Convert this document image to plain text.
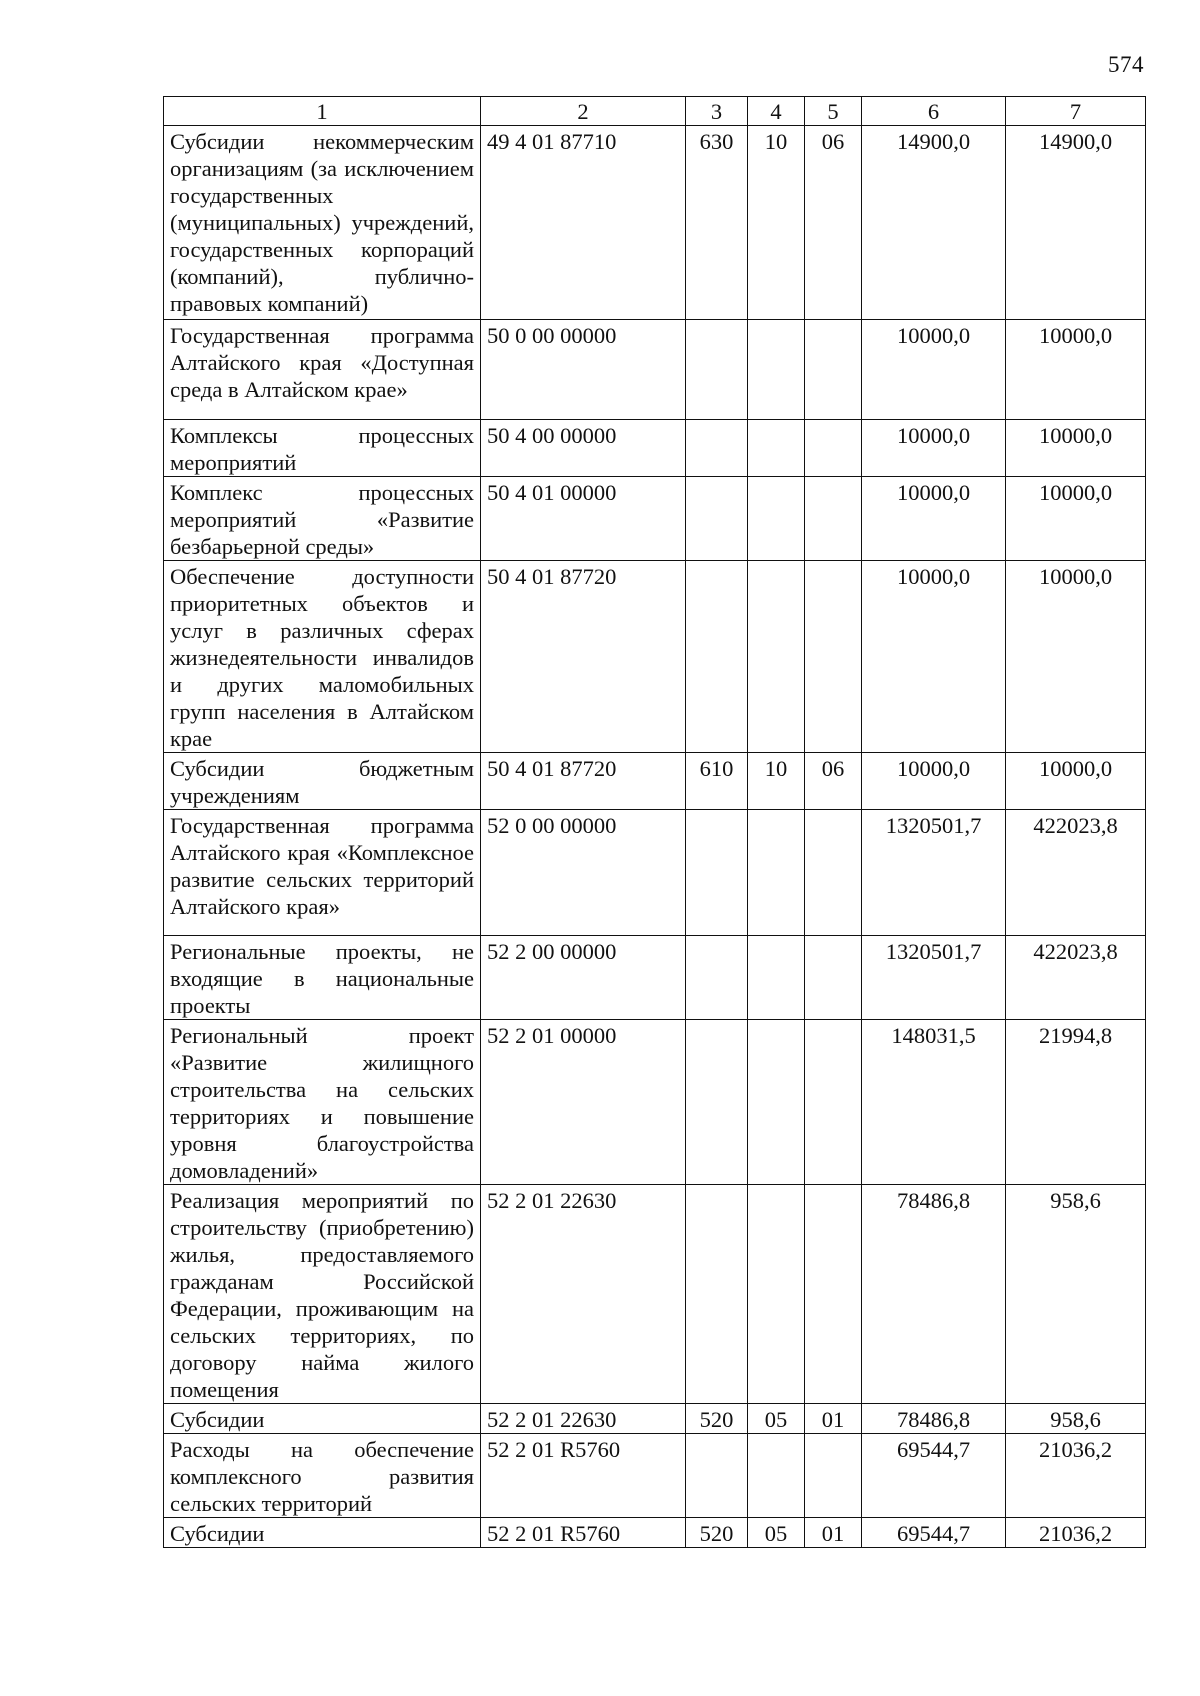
574
1	2	3	4	5	6	7
Субсидии некоммерческим организациям (за исключением государственных (муниципальных) учреждений, государственных корпораций (компаний), публично-правовых компаний)	49 4 01 87710	630	10	06	14900,0	14900,0
Государственная программа Алтайского края «Доступная среда в Алтайском крае»	50 0 00 00000				10000,0	10000,0
Комплексы процессных мероприятий	50 4 00 00000				10000,0	10000,0
Комплекс процессных мероприятий «Развитие безбарьерной среды»	50 4 01 00000				10000,0	10000,0
Обеспечение доступности приоритетных объектов и услуг в различных сферах жизнедеятельности инвалидов и других маломобильных групп населения в Алтайском крае	50 4 01 87720				10000,0	10000,0
Субсидии бюджетным учреждениям	50 4 01 87720	610	10	06	10000,0	10000,0
Государственная программа Алтайского края «Комплексное развитие сельских территорий Алтайского края»	52 0 00 00000				1320501,7	422023,8
Региональные проекты, не входящие в национальные проекты	52 2 00 00000				1320501,7	422023,8
Региональный проект «Развитие жилищного строительства на сельских территориях и повышение уровня благоустройства домовладений»	52 2 01 00000				148031,5	21994,8
Реализация мероприятий по строительству (приобретению) жилья, предоставляемого гражданам Российской Федерации, проживающим на сельских территориях, по договору найма жилого помещения	52 2 01 22630				78486,8	958,6
Субсидии	52 2 01 22630	520	05	01	78486,8	958,6
Расходы на обеспечение комплексного развития сельских территорий	52 2 01 R5760				69544,7	21036,2
Субсидии	52 2 01 R5760	520	05	01	69544,7	21036,2
